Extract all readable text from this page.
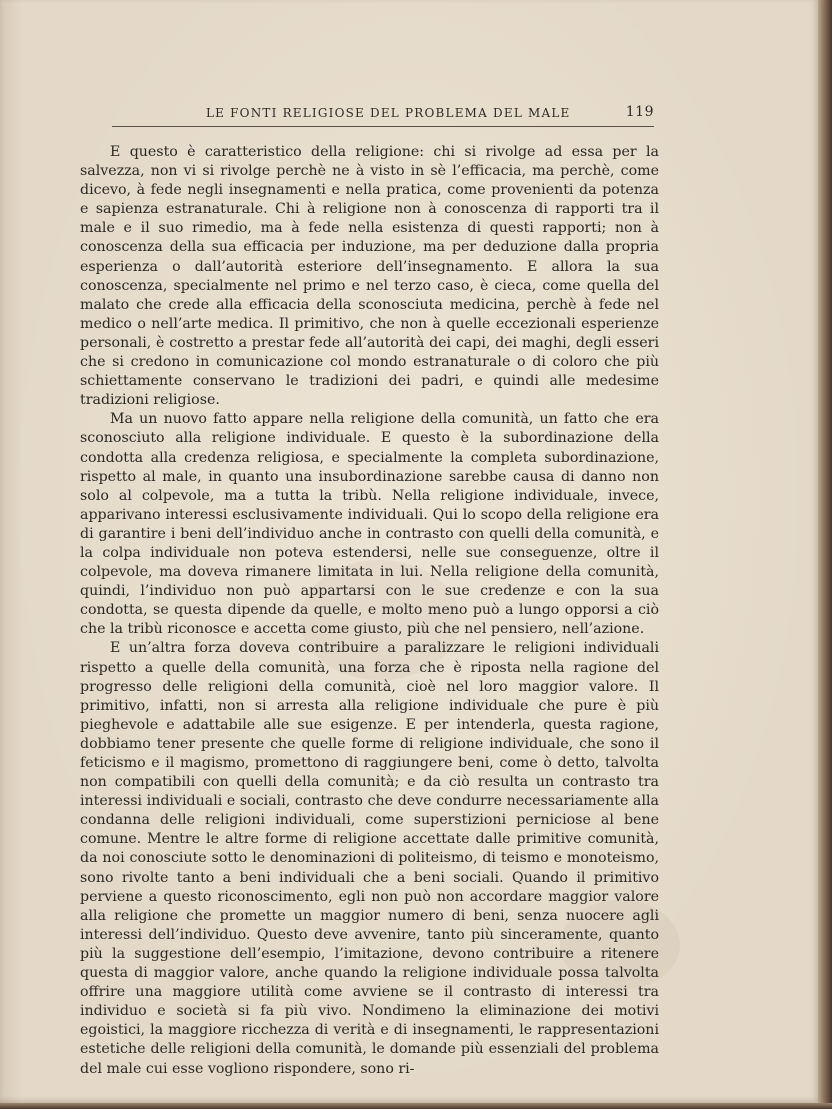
LE FONTI RELIGIOSE DEL PROBLEMA DEL MALE	119

E questo è caratteristico della religione: chi si rivolge ad essa per la salvezza, non vi si rivolge perchè ne à visto in sè l’efficacia, ma perchè, come dicevo, à fede negli insegnamenti e nella pratica, come provenienti da potenza e sapienza estranaturale. Chi à religione non à conoscenza di rapporti tra il male e il suo rimedio, ma à fede nella esistenza di questi rapporti; non à conoscenza della sua efficacia per induzione, ma per deduzione dalla propria esperienza o dall’autorità esteriore dell’insegnamento. E allora la sua conoscenza, specialmente nel primo e nel terzo caso, è cieca, come quella del malato che crede alla efficacia della sconosciuta medicina, perchè à fede nel medico o nell’arte medica. Il primitivo, che non à quelle eccezionali esperienze personali, è costretto a prestar fede all’autorità dei capi, dei maghi, degli esseri che si credono in comunicazione col mondo estranaturale o di coloro che più schiettamente conservano le tradizioni dei padri, e quindi alle medesime tradizioni religiose.

Ma un nuovo fatto appare nella religione della comunità, un fatto che era sconosciuto alla religione individuale. E questo è la subordinazione della condotta alla credenza religiosa, e specialmente la completa subordinazione, rispetto al male, in quanto una insubordinazione sarebbe causa di danno non solo al colpevole, ma a tutta la tribù. Nella religione individuale, invece, apparivano interessi esclusivamente individuali. Qui lo scopo della religione era di garantire i beni dell’individuo anche in contrasto con quelli della comunità, e la colpa individuale non poteva estendersi, nelle sue conseguenze, oltre il colpevole, ma doveva rimanere limitata in lui. Nella religione della comunità, quindi, l’individuo non può appartarsi con le sue credenze e con la sua condotta, se questa dipende da quelle, e molto meno può a lungo opporsi a ciò che la tribù riconosce e accetta come giusto, più che nel pensiero, nell’azione.

E un’altra forza doveva contribuire a paralizzare le religioni individuali rispetto a quelle della comunità, una forza che è riposta nella ragione del progresso delle religioni della comunità, cioè nel loro maggior valore. Il primitivo, infatti, non si arresta alla religione individuale che pure è più pieghevole e adattabile alle sue esigenze. E per intenderla, questa ragione, dobbiamo tener presente che quelle forme di religione individuale, che sono il feticismo e il magismo, promettono di raggiungere beni, come ò detto, talvolta non compatibili con quelli della comunità; e da ciò resulta un contrasto tra interessi individuali e sociali, contrasto che deve condurre necessariamente alla condanna delle religioni individuali, come superstizioni perniciose al bene comune. Mentre le altre forme di religione accettate dalle primitive comunità, da noi conosciute sotto le denominazioni di politeismo, di teismo e monoteismo, sono rivolte tanto a beni individuali che a beni sociali. Quando il primitivo perviene a questo riconoscimento, egli non può non accordare maggior valore alla religione che promette un maggior numero di beni, senza nuocere agli interessi dell’individuo. Questo deve avvenire, tanto più sinceramente, quanto più la suggestione dell’esempio, l’imitazione, devono contribuire a ritenere questa di maggior valore, anche quando la religione individuale possa talvolta offrire una maggiore utilità come avviene se il contrasto di interessi tra individuo e società si fa più vivo. Nondimeno la eliminazione dei motivi egoistici, la maggiore ricchezza di verità e di insegnamenti, le rappresentazioni estetiche delle religioni della comunità, le domande più essenziali del problema del male cui esse vogliono rispondere, sono ri-
